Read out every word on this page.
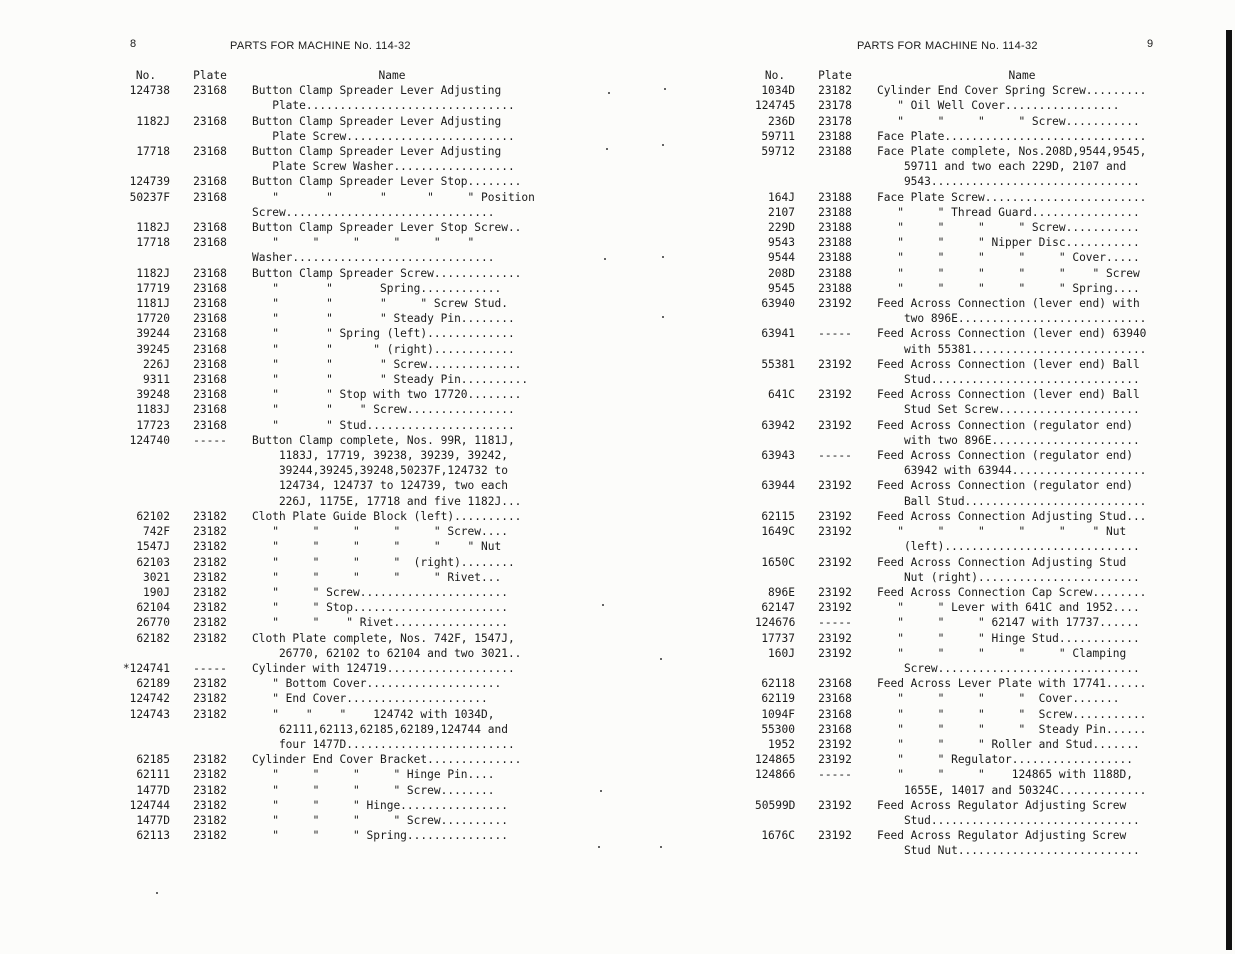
8	PARTS FOR MACHINE No. 114-32
No.	Plate	Name
124738	23168	Button Clamp Spreader Lever Adjusting
Plate...............................
1182J	23168	Button Clamp Spreader Lever Adjusting
Plate Screw.........................
17718	23168	Button Clamp Spreader Lever Adjusting
Plate Screw Washer..................
124739	23168	Button Clamp Spreader Lever Stop........
50237F	23168	"       "       "      "     " Position
Screw...............................
1182J	23168	Button Clamp Spreader Lever Stop Screw..
17718	23168	"     "     "     "     "    "
Washer..............................
1182J	23168	Button Clamp Spreader Screw.............
17719	23168	"       "       Spring............
1181J	23168	"       "       "     " Screw Stud.
17720	23168	"       "       " Steady Pin........
39244	23168	"       " Spring (left).............
39245	23168	"       "      " (right)............
226J	23168	"       "       " Screw..............
9311	23168	"       "       " Steady Pin..........
39248	23168	"       " Stop with two 17720........
1183J	23168	"       "    " Screw................
17723	23168	"       " Stud......................
124740	-----	Button Clamp complete, Nos. 99R, 1181J,
1183J, 17719, 39238, 39239, 39242,
39244,39245,39248,50237F,124732 to
124734, 124737 to 124739, two each
226J, 1175E, 17718 and five 1182J...
62102	23182	Cloth Plate Guide Block (left)..........
742F	23182	"     "     "     "     " Screw....
1547J	23182	"     "     "     "     "    " Nut
62103	23182	"     "     "     "  (right)........
3021	23182	"     "     "     "     " Rivet...
190J	23182	"     " Screw......................
62104	23182	"     " Stop.......................
26770	23182	"     "    " Rivet.................
62182	23182	Cloth Plate complete, Nos. 742F, 1547J,
26770, 62102 to 62104 and two 3021..
*124741	-----	Cylinder with 124719...................
62189	23182	" Bottom Cover....................
124742	23182	" End Cover.....................
124743	23182	"    "    "    124742 with 1034D,
62111,62113,62185,62189,124744 and
four 1477D.........................
62185	23182	Cylinder End Cover Bracket..............
62111	23182	"     "     "     " Hinge Pin....
1477D	23182	"     "     "     " Screw........
124744	23182	"     "     " Hinge................
1477D	23182	"     "     "     " Screw..........
62113	23182	"     "     " Spring...............
PARTS FOR MACHINE No. 114-32	9
No.	Plate	Name
1034D	23182	Cylinder End Cover Spring Screw.........
124745	23178	" Oil Well Cover.................
236D	23178	"     "     "     " Screw...........
59711	23188	Face Plate..............................
59712	23188	Face Plate complete, Nos.208D,9544,9545,
59711 and two each 229D, 2107 and
9543...............................
164J	23188	Face Plate Screw........................
2107	23188	"     " Thread Guard................
229D	23188	"     "     "     " Screw...........
9543	23188	"     "     " Nipper Disc...........
9544	23188	"     "     "     "     " Cover.....
208D	23188	"     "     "     "     "    " Screw
9545	23188	"     "     "     "     " Spring....
63940	23192	Feed Across Connection (lever end) with
two 896E............................
63941	-----	Feed Across Connection (lever end) 63940
with 55381..........................
55381	23192	Feed Across Connection (lever end) Ball
Stud...............................
641C	23192	Feed Across Connection (lever end) Ball
Stud Set Screw.....................
63942	23192	Feed Across Connection (regulator end)
with two 896E......................
63943	-----	Feed Across Connection (regulator end)
63942 with 63944....................
63944	23192	Feed Across Connection (regulator end)
Ball Stud...........................
62115	23192	Feed Across Connection Adjusting Stud...
1649C	23192	"     "     "     "     "    " Nut
(left).............................
1650C	23192	Feed Across Connection Adjusting Stud
Nut (right)........................
896E	23192	Feed Across Connection Cap Screw........
62147	23192	"     " Lever with 641C and 1952....
124676	-----	"     "     " 62147 with 17737......
17737	23192	"     "     " Hinge Stud............
160J	23192	"     "     "     "     " Clamping
Screw..............................
62118	23168	Feed Across Lever Plate with 17741......
62119	23168	"     "     "     "  Cover.......
1094F	23168	"     "     "     "  Screw...........
55300	23168	"     "     "     "  Steady Pin......
1952	23192	"     "     " Roller and Stud.......
124865	23192	"     " Regulator..................
124866	-----	"     "     "    124865 with 1188D,
1655E, 14017 and 50324C.............
50599D	23192	Feed Across Regulator Adjusting Screw
Stud...............................
1676C	23192	Feed Across Regulator Adjusting Screw
Stud Nut...........................
